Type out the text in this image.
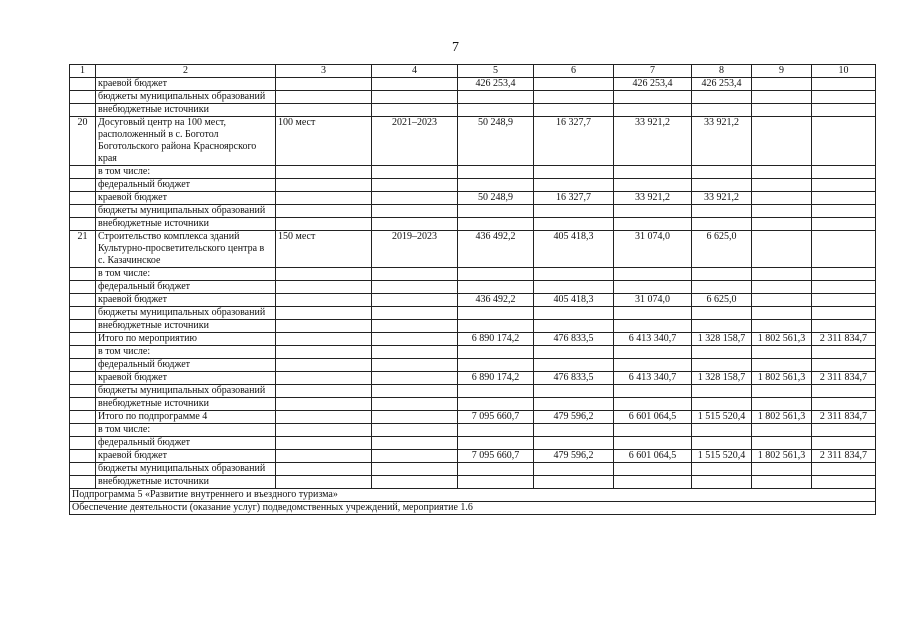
7
1	2	3	4	5	6	7	8	9	10
	краевой бюджет			426 253,4		426 253,4	426 253,4		
	бюджеты муниципальных образований								
	внебюджетные источники								
20	Досуговый центр на 100 мест, расположенный в с. Боготол Боготольского района Красноярского края	100 мест	2021–2023	50 248,9	16 327,7	33 921,2	33 921,2		
	в том числе:								
	федеральный бюджет								
	краевой бюджет			50 248,9	16 327,7	33 921,2	33 921,2		
	бюджеты муниципальных образований								
	внебюджетные источники								
21	Строительство комплекса зданий Культурно-просветительского центра в с. Казачинское	150 мест	2019–2023	436 492,2	405 418,3	31 074,0	6 625,0		
	в том числе:								
	федеральный бюджет								
	краевой бюджет			436 492,2	405 418,3	31 074,0	6 625,0		
	бюджеты муниципальных образований								
	внебюджетные источники								
	Итого по мероприятию			6 890 174,2	476 833,5	6 413 340,7	1 328 158,7	1 802 561,3	2 311 834,7
	в том числе:								
	федеральный бюджет								
	краевой бюджет			6 890 174,2	476 833,5	6 413 340,7	1 328 158,7	1 802 561,3	2 311 834,7
	бюджеты муниципальных образований								
	внебюджетные источники								
	Итого по подпрограмме 4			7 095 660,7	479 596,2	6 601 064,5	1 515 520,4	1 802 561,3	2 311 834,7
	в том числе:								
	федеральный бюджет								
	краевой бюджет			7 095 660,7	479 596,2	6 601 064,5	1 515 520,4	1 802 561,3	2 311 834,7
	бюджеты муниципальных образований								
	внебюджетные источники								
Подпрограмма 5 «Развитие внутреннего и въездного туризма»									
Обеспечение деятельности (оказание услуг) подведомственных учреждений, мероприятие 1.6									
